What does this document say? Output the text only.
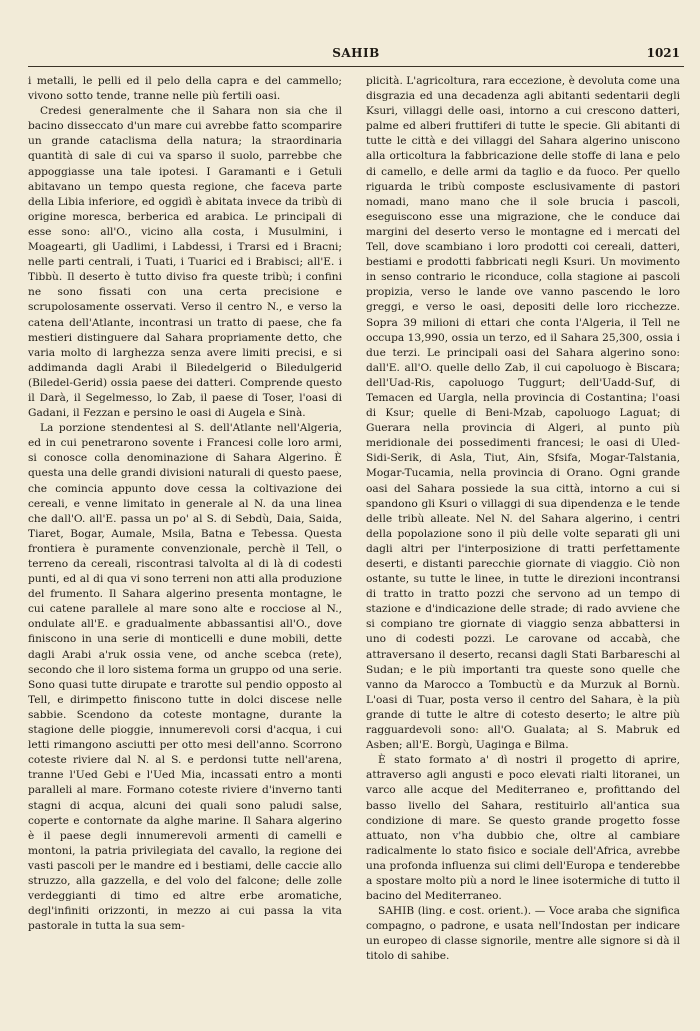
SAHIB	1021

i metalli, le pelli ed il pelo della capra e del cammello; vivono sotto tende, tranne nelle più fertili oasi.

Credesi generalmente che il Sahara non sia che il bacino disseccato d'un mare cui avrebbe fatto scomparire un grande cataclisma della natura; la straordinaria quantità di sale di cui va sparso il suolo, parrebbe che appoggiasse una tale ipotesi. I Garamanti e i Getuli abitavano un tempo questa regione, che faceva parte della Libia inferiore, ed oggidì è abitata invece da tribù di origine moresca, berberica ed arabica. Le principali di esse sono: all'O., vicino alla costa, i Musulmini, i Moagearti, gli Uadlimi, i Labdessi, i Trarsi ed i Bracni; nelle parti centrali, i Tuati, i Tuarici ed i Brabisci; all'E. i Tibbù. Il deserto è tutto diviso fra queste tribù; i confini ne sono fissati con una certa precisione e scrupolosamente osservati. Verso il centro N., e verso la catena dell'Atlante, incontrasi un tratto di paese, che fa mestieri distinguere dal Sahara propriamente detto, che varia molto di larghezza senza avere limiti precisi, e si addimanda dagli Arabi il Biledelgerid o Biledulgerid (Biledel-Gerid) ossia paese dei datteri. Comprende questo il Darà, il Segelmesso, lo Zab, il paese di Toser, l'oasi di Gadani, il Fezzan e persino le oasi di Augela e Sinà.

La porzione stendentesi al S. dell'Atlante nell'Algeria, ed in cui penetrarono sovente i Francesi colle loro armi, si conosce colla denominazione di Sahara Algerino. È questa una delle grandi divisioni naturali di questo paese, che comincia appunto dove cessa la coltivazione dei cereali, e venne limitato in generale al N. da una linea che dall'O. all'E. passa un po' al S. di Sebdù, Daia, Saida, Tiaret, Bogar, Aumale, Msila, Batna e Tebessa. Questa frontiera è puramente convenzionale, perchè il Tell, o terreno da cereali, riscontrasi talvolta al di là di codesti punti, ed al di qua vi sono terreni non atti alla produzione del frumento. Il Sahara algerino presenta montagne, le cui catene parallele al mare sono alte e rocciose al N., ondulate all'E. e gradualmente abbassantisi all'O., dove finiscono in una serie di monticelli e dune mobili, dette dagli Arabi a'ruk ossia vene, od anche scebca (rete), secondo che il loro sistema forma un gruppo od una serie. Sono quasi tutte dirupate e trarotte sul pendio opposto al Tell, e dirimpetto finiscono tutte in dolci discese nelle sabbie. Scendono da coteste montagne, durante la stagione delle pioggie, innumerevoli corsi d'acqua, i cui letti rimangono asciutti per otto mesi dell'anno. Scorrono coteste riviere dal N. al S. e perdonsi tutte nell'arena, tranne l'Ued Gebi e l'Ued Mia, incassati entro a monti paralleli al mare. Formano coteste riviere d'inverno tanti stagni di acqua, alcuni dei quali sono paludi salse, coperte e contornate da alghe marine. Il Sahara algerino è il paese degli innumerevoli armenti di camelli e montoni, la patria privilegiata del cavallo, la regione dei vasti pascoli per le mandre ed i bestiami, delle caccie allo struzzo, alla gazzella, e del volo del falcone; delle zolle verdeggianti di timo ed altre erbe aromatiche, degl'infiniti orizzonti, in mezzo ai cui passa la vita pastorale in tutta la sua sem-

plicità. L'agricoltura, rara eccezione, è devoluta come una disgrazia ed una decadenza agli abitanti sedentarii degli Ksuri, villaggi delle oasi, intorno a cui crescono datteri, palme ed alberi fruttiferi di tutte le specie. Gli abitanti di tutte le città e dei villaggi del Sahara algerino uniscono alla orticoltura la fabbricazione delle stoffe di lana e pelo di camello, e delle armi da taglio e da fuoco. Per quello riguarda le tribù composte esclusivamente di pastori nomadi, mano mano che il sole brucia i pascoli, eseguiscono esse una migrazione, che le conduce dai margini del deserto verso le montagne ed i mercati del Tell, dove scambiano i loro prodotti coi cereali, datteri, bestiami e prodotti fabbricati negli Ksuri. Un movimento in senso contrario le riconduce, colla stagione ai pascoli propizia, verso le lande ove vanno pascendo le loro greggi, e verso le oasi, depositi delle loro ricchezze. Sopra 39 milioni di ettari che conta l'Algeria, il Tell ne occupa 13,990, ossia un terzo, ed il Sahara 25,300, ossia i due terzi. Le principali oasi del Sahara algerino sono: dall'E. all'O. quelle dello Zab, il cui capoluogo è Biscara; dell'Uad-Ris, capoluogo Tuggurt; dell'Uadd-Suf, di Temacen ed Uargla, nella provincia di Costantina; l'oasi di Ksur; quelle di Beni-Mzab, capoluogo Laguat; di Guerara nella provincia di Algeri, al punto più meridionale dei possedimenti francesi; le oasi di Uled-Sidi-Serik, di Asla, Tiut, Ain, Sfsifa, Mogar-Talstania, Mogar-Tucamia, nella provincia di Orano. Ogni grande oasi del Sahara possiede la sua città, intorno a cui si spandono gli Ksuri o villaggi di sua dipendenza e le tende delle tribù alleate. Nel N. del Sahara algerino, i centri della popolazione sono il più delle volte separati gli uni dagli altri per l'interposizione di tratti perfettamente deserti, e distanti parecchie giornate di viaggio. Ciò non ostante, su tutte le linee, in tutte le direzioni incontransi di tratto in tratto pozzi che servono ad un tempo di stazione e d'indicazione delle strade; di rado avviene che si compiano tre giornate di viaggio senza abbattersi in uno di codesti pozzi. Le carovane od accabà, che attraversano il deserto, recansi dagli Stati Barbareschi al Sudan; e le più importanti tra queste sono quelle che vanno da Marocco a Tombuctù e da Murzuk al Bornù. L'oasi di Tuar, posta verso il centro del Sahara, è la più grande di tutte le altre di cotesto deserto; le altre più ragguardevoli sono: all'O. Gualata; al S. Mabruk ed Asben; all'E. Borgù, Uaginga e Bilma.

È stato formato a' dì nostri il progetto di aprire, attraverso agli angusti e poco elevati rialti litoranei, un varco alle acque del Mediterraneo e, profittando del basso livello del Sahara, restituirlo all'antica sua condizione di mare. Se questo grande progetto fosse attuato, non v'ha dubbio che, oltre al cambiare radicalmente lo stato fisico e sociale dell'Africa, avrebbe una profonda influenza sui climi dell'Europa e tenderebbe a spostare molto più a nord le linee isotermiche di tutto il bacino del Mediterraneo.

SAHIB (ling. e cost. orient.). — Voce araba che significa compagno, o padrone, e usata nell'Indostan per indicare un europeo di classe signorile, mentre alle signore si dà il titolo di sahibe.
